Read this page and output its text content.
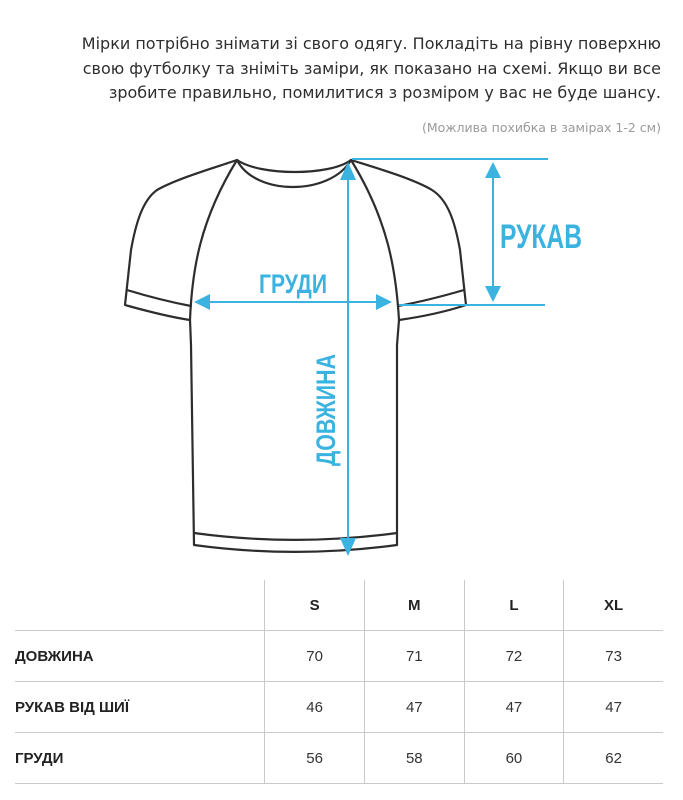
Мірки потрібно знімати зі свого одягу. Покладіть на рівну поверхню

свою футболку та зніміть заміри, як показано на схемі. Якщо ви все

зробите правильно, помилитися з розміром у вас не буде шансу.

(Можлива похибка в замірах 1-2 см)
РУКАВ
ГРУДИ
ДОВЖИНА
	S	M	L	XL
ДОВЖИНА	70	71	72	73
РУКАВ ВІД ШИЇ	46	47	47	47
ГРУДИ	56	58	60	62
